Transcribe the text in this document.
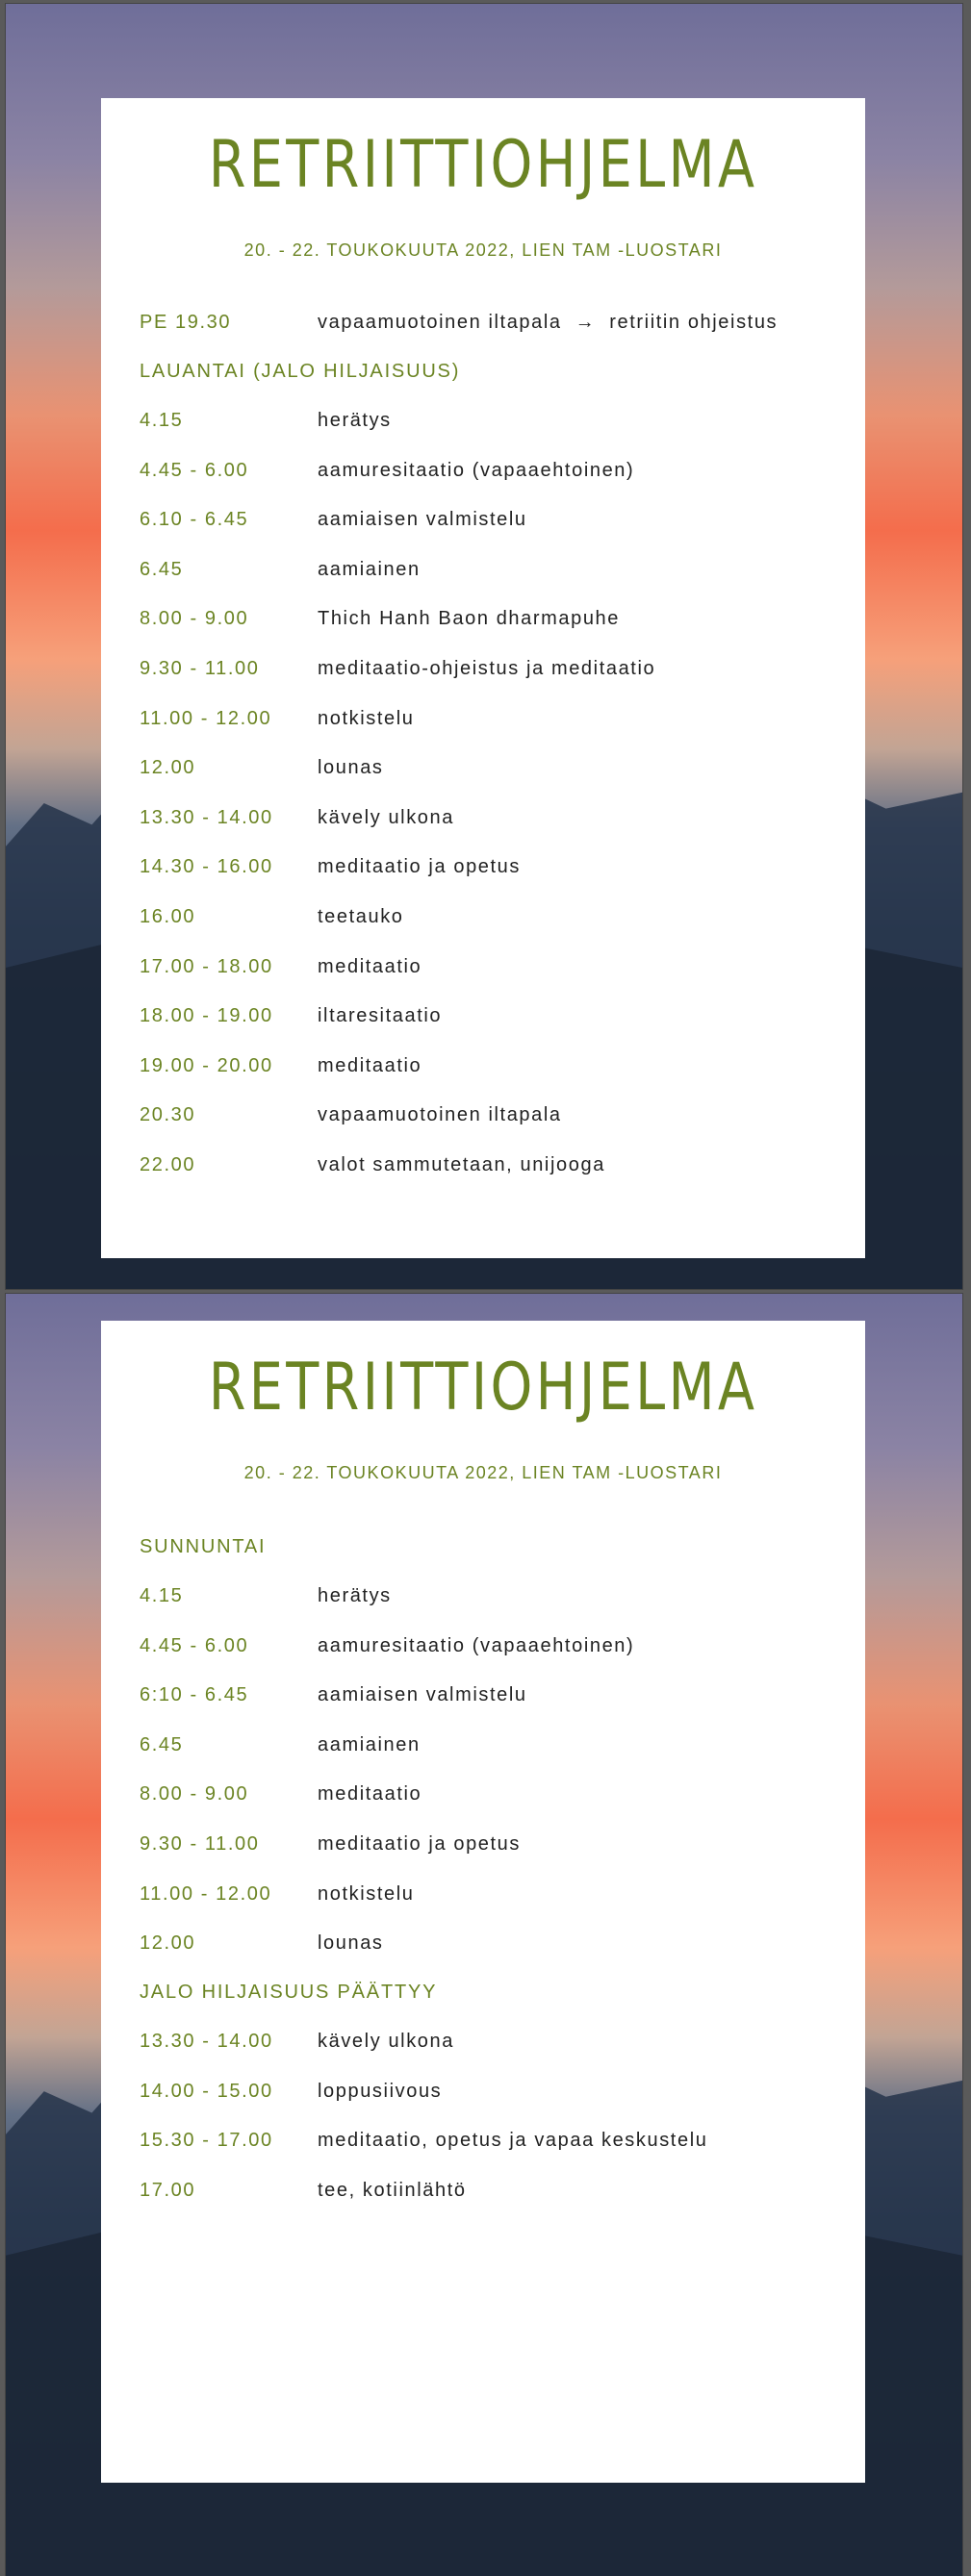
RETRIITTIOHJELMA
20. - 22. TOUKOKUUTA 2022, LIEN TAM -LUOSTARI
PE 19.30	vapaamuotoinen iltapala → retriitin ohjeistus
LAUANTAI (JALO HILJAISUUS)
4.15	herätys
4.45 - 6.00	aamuresitaatio (vapaaehtoinen)
6.10 - 6.45	aamiaisen valmistelu
6.45	aamiainen
8.00 - 9.00	Thich Hanh Baon dharmapuhe
9.30 - 11.00	meditaatio-ohjeistus ja meditaatio
11.00 - 12.00 notkistelu
12.00	lounas
13.30 - 14.00 kävely ulkona
14.30 - 16.00 meditaatio ja opetus
16.00	teetauko
17.00 - 18.00 meditaatio
18.00 - 19.00 iltaresitaatio
19.00 - 20.00 meditaatio
20.30	vapaamuotoinen iltapala
22.00	valot sammutetaan, unijooga
RETRIITTIOHJELMA
20. - 22. TOUKOKUUTA 2022, LIEN TAM -LUOSTARI
SUNNUNTAI
4.15	herätys
4.45 - 6.00	aamuresitaatio (vapaaehtoinen)
6:10 - 6.45	aamiaisen valmistelu
6.45	aamiainen
8.00 - 9.00	meditaatio
9.30 - 11.00	meditaatio ja opetus
11.00 - 12.00 notkistelu
12.00	lounas
JALO HILJAISUUS PÄÄTTYY
13.30 - 14.00 kävely ulkona
14.00 - 15.00 loppusiivous
15.30 - 17.00 meditaatio, opetus ja vapaa keskustelu
17.00	tee, kotiinlähtö
